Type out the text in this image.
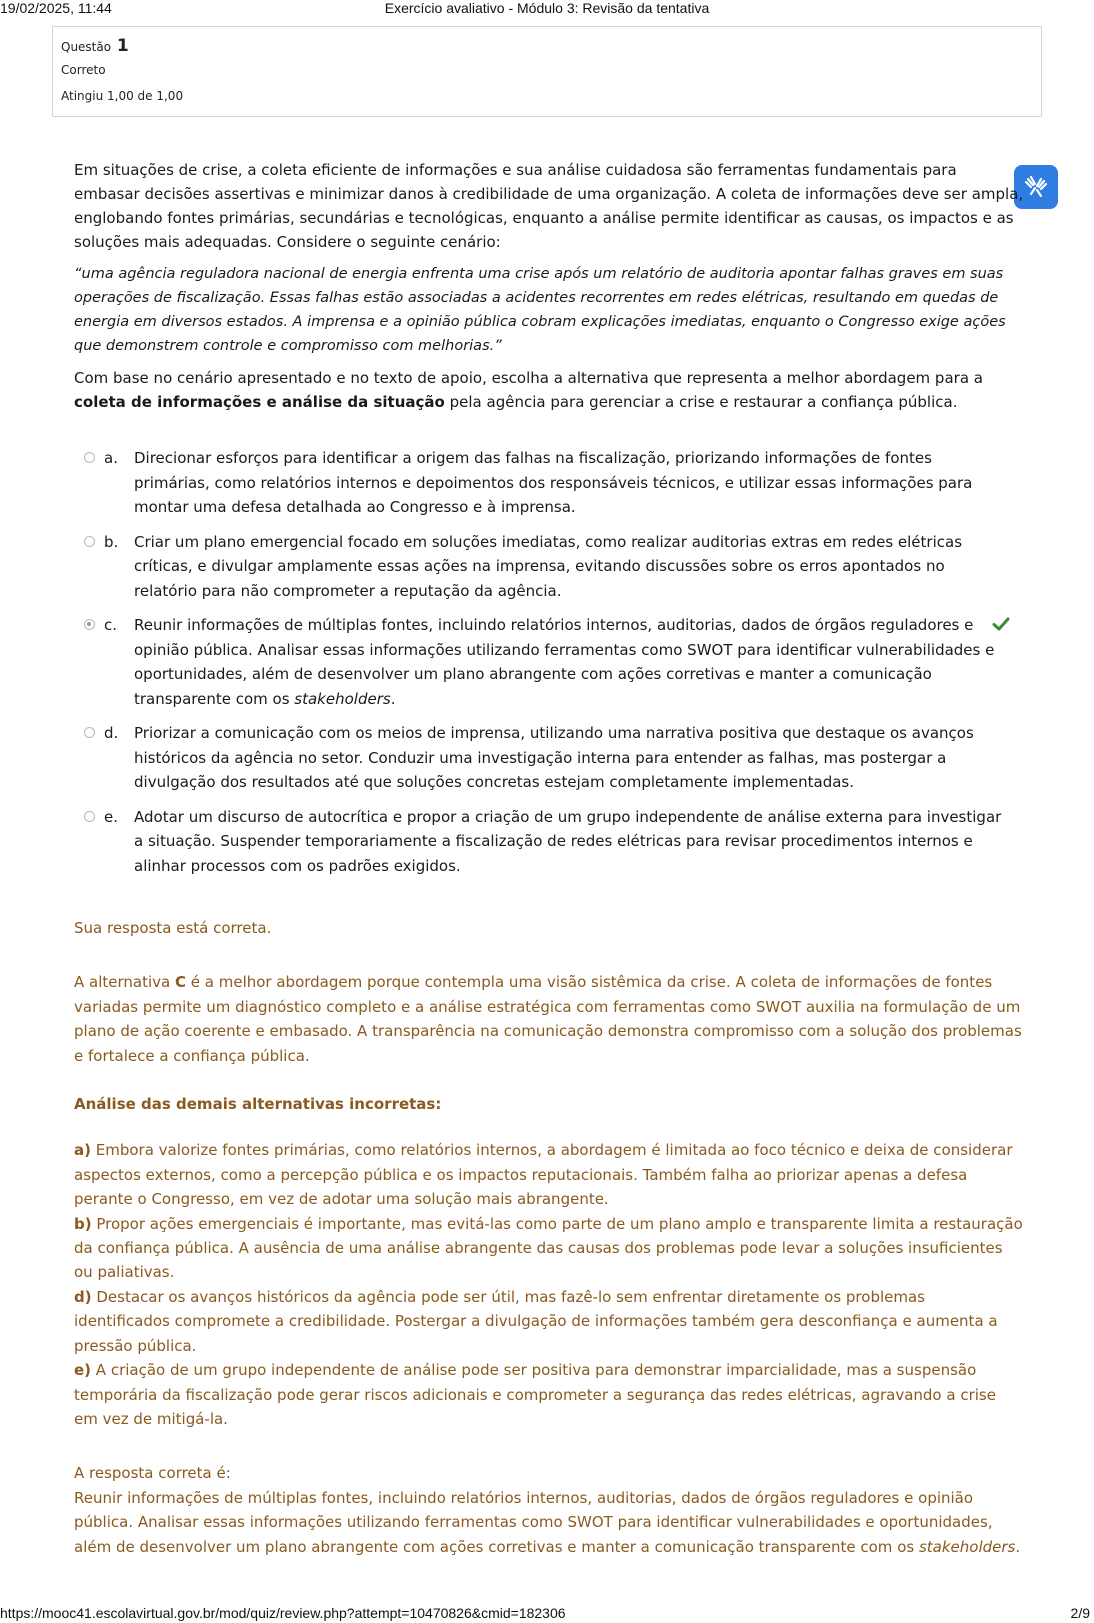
19/02/2025, 11:44	Exercício avaliativo - Módulo 3: Revisão da tentativa
Questão 1
Correto
Atingiu 1,00 de 1,00

Em situações de crise, a coleta eficiente de informações e sua análise cuidadosa são ferramentas fundamentais para embasar decisões assertivas e minimizar danos à credibilidade de uma organização. A coleta de informações deve ser ampla, englobando fontes primárias, secundárias e tecnológicas, enquanto a análise permite identificar as causas, os impactos e as soluções mais adequadas. Considere o seguinte cenário:

“uma agência reguladora nacional de energia enfrenta uma crise após um relatório de auditoria apontar falhas graves em suas operações de fiscalização. Essas falhas estão associadas a acidentes recorrentes em redes elétricas, resultando em quedas de energia em diversos estados. A imprensa e a opinião pública cobram explicações imediatas, enquanto o Congresso exige ações que demonstrem controle e compromisso com melhorias.”

Com base no cenário apresentado e no texto de apoio, escolha a alternativa que representa a melhor abordagem para a coleta de informações e análise da situação pela agência para gerenciar a crise e restaurar a confiança pública.

a. Direcionar esforços para identificar a origem das falhas na fiscalização, priorizando informações de fontes primárias, como relatórios internos e depoimentos dos responsáveis técnicos, e utilizar essas informações para montar uma defesa detalhada ao Congresso e à imprensa.
b. Criar um plano emergencial focado em soluções imediatas, como realizar auditorias extras em redes elétricas críticas, e divulgar amplamente essas ações na imprensa, evitando discussões sobre os erros apontados no relatório para não comprometer a reputação da agência.
c. Reunir informações de múltiplas fontes, incluindo relatórios internos, auditorias, dados de órgãos reguladores e opinião pública. Analisar essas informações utilizando ferramentas como SWOT para identificar vulnerabilidades e oportunidades, além de desenvolver um plano abrangente com ações corretivas e manter a comunicação transparente com os stakeholders.
d. Priorizar a comunicação com os meios de imprensa, utilizando uma narrativa positiva que destaque os avanços históricos da agência no setor. Conduzir uma investigação interna para entender as falhas, mas postergar a divulgação dos resultados até que soluções concretas estejam completamente implementadas.
e. Adotar um discurso de autocrítica e propor a criação de um grupo independente de análise externa para investigar a situação. Suspender temporariamente a fiscalização de redes elétricas para revisar procedimentos internos e alinhar processos com os padrões exigidos.

Sua resposta está correta.

A alternativa C é a melhor abordagem porque contempla uma visão sistêmica da crise. A coleta de informações de fontes variadas permite um diagnóstico completo e a análise estratégica com ferramentas como SWOT auxilia na formulação de um plano de ação coerente e embasado. A transparência na comunicação demonstra compromisso com a solução dos problemas e fortalece a confiança pública.

Análise das demais alternativas incorretas:

a) Embora valorize fontes primárias, como relatórios internos, a abordagem é limitada ao foco técnico e deixa de considerar aspectos externos, como a percepção pública e os impactos reputacionais. Também falha ao priorizar apenas a defesa perante o Congresso, em vez de adotar uma solução mais abrangente.

b) Propor ações emergenciais é importante, mas evitá-las como parte de um plano amplo e transparente limita a restauração da confiança pública. A ausência de uma análise abrangente das causas dos problemas pode levar a soluções insuficientes ou paliativas.

d) Destacar os avanços históricos da agência pode ser útil, mas fazê-lo sem enfrentar diretamente os problemas identificados compromete a credibilidade. Postergar a divulgação de informações também gera desconfiança e aumenta a pressão pública.

e) A criação de um grupo independente de análise pode ser positiva para demonstrar imparcialidade, mas a suspensão temporária da fiscalização pode gerar riscos adicionais e comprometer a segurança das redes elétricas, agravando a crise em vez de mitigá-la.

A resposta correta é:

Reunir informações de múltiplas fontes, incluindo relatórios internos, auditorias, dados de órgãos reguladores e opinião pública. Analisar essas informações utilizando ferramentas como SWOT para identificar vulnerabilidades e oportunidades, além de desenvolver um plano abrangente com ações corretivas e manter a comunicação transparente com os stakeholders.

https://mooc41.escolavirtual.gov.br/mod/quiz/review.php?attempt=10470826&cmid=182306	2/9
